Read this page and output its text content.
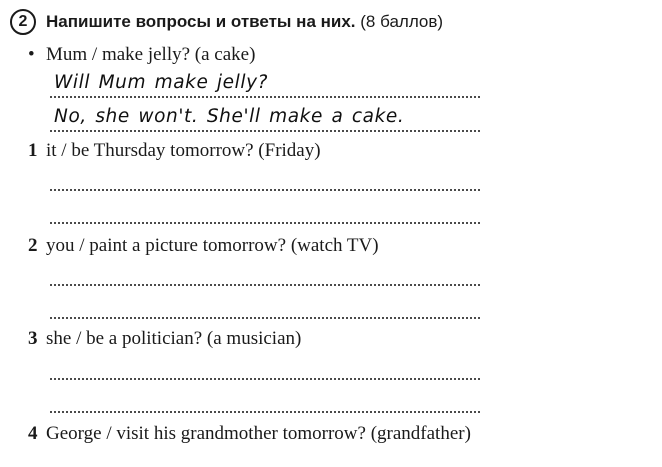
2 Напишите вопросы и ответы на них. (8 баллов)
• Mum / make jelly? (a cake)
Will Mum make jelly?
No, she won't. She'll make a cake.
1 it / be Thursday tomorrow? (Friday)
2 you / paint a picture tomorrow? (watch TV)
3 she / be a politician? (a musician)
4 George / visit his grandmother tomorrow? (grandfather)
